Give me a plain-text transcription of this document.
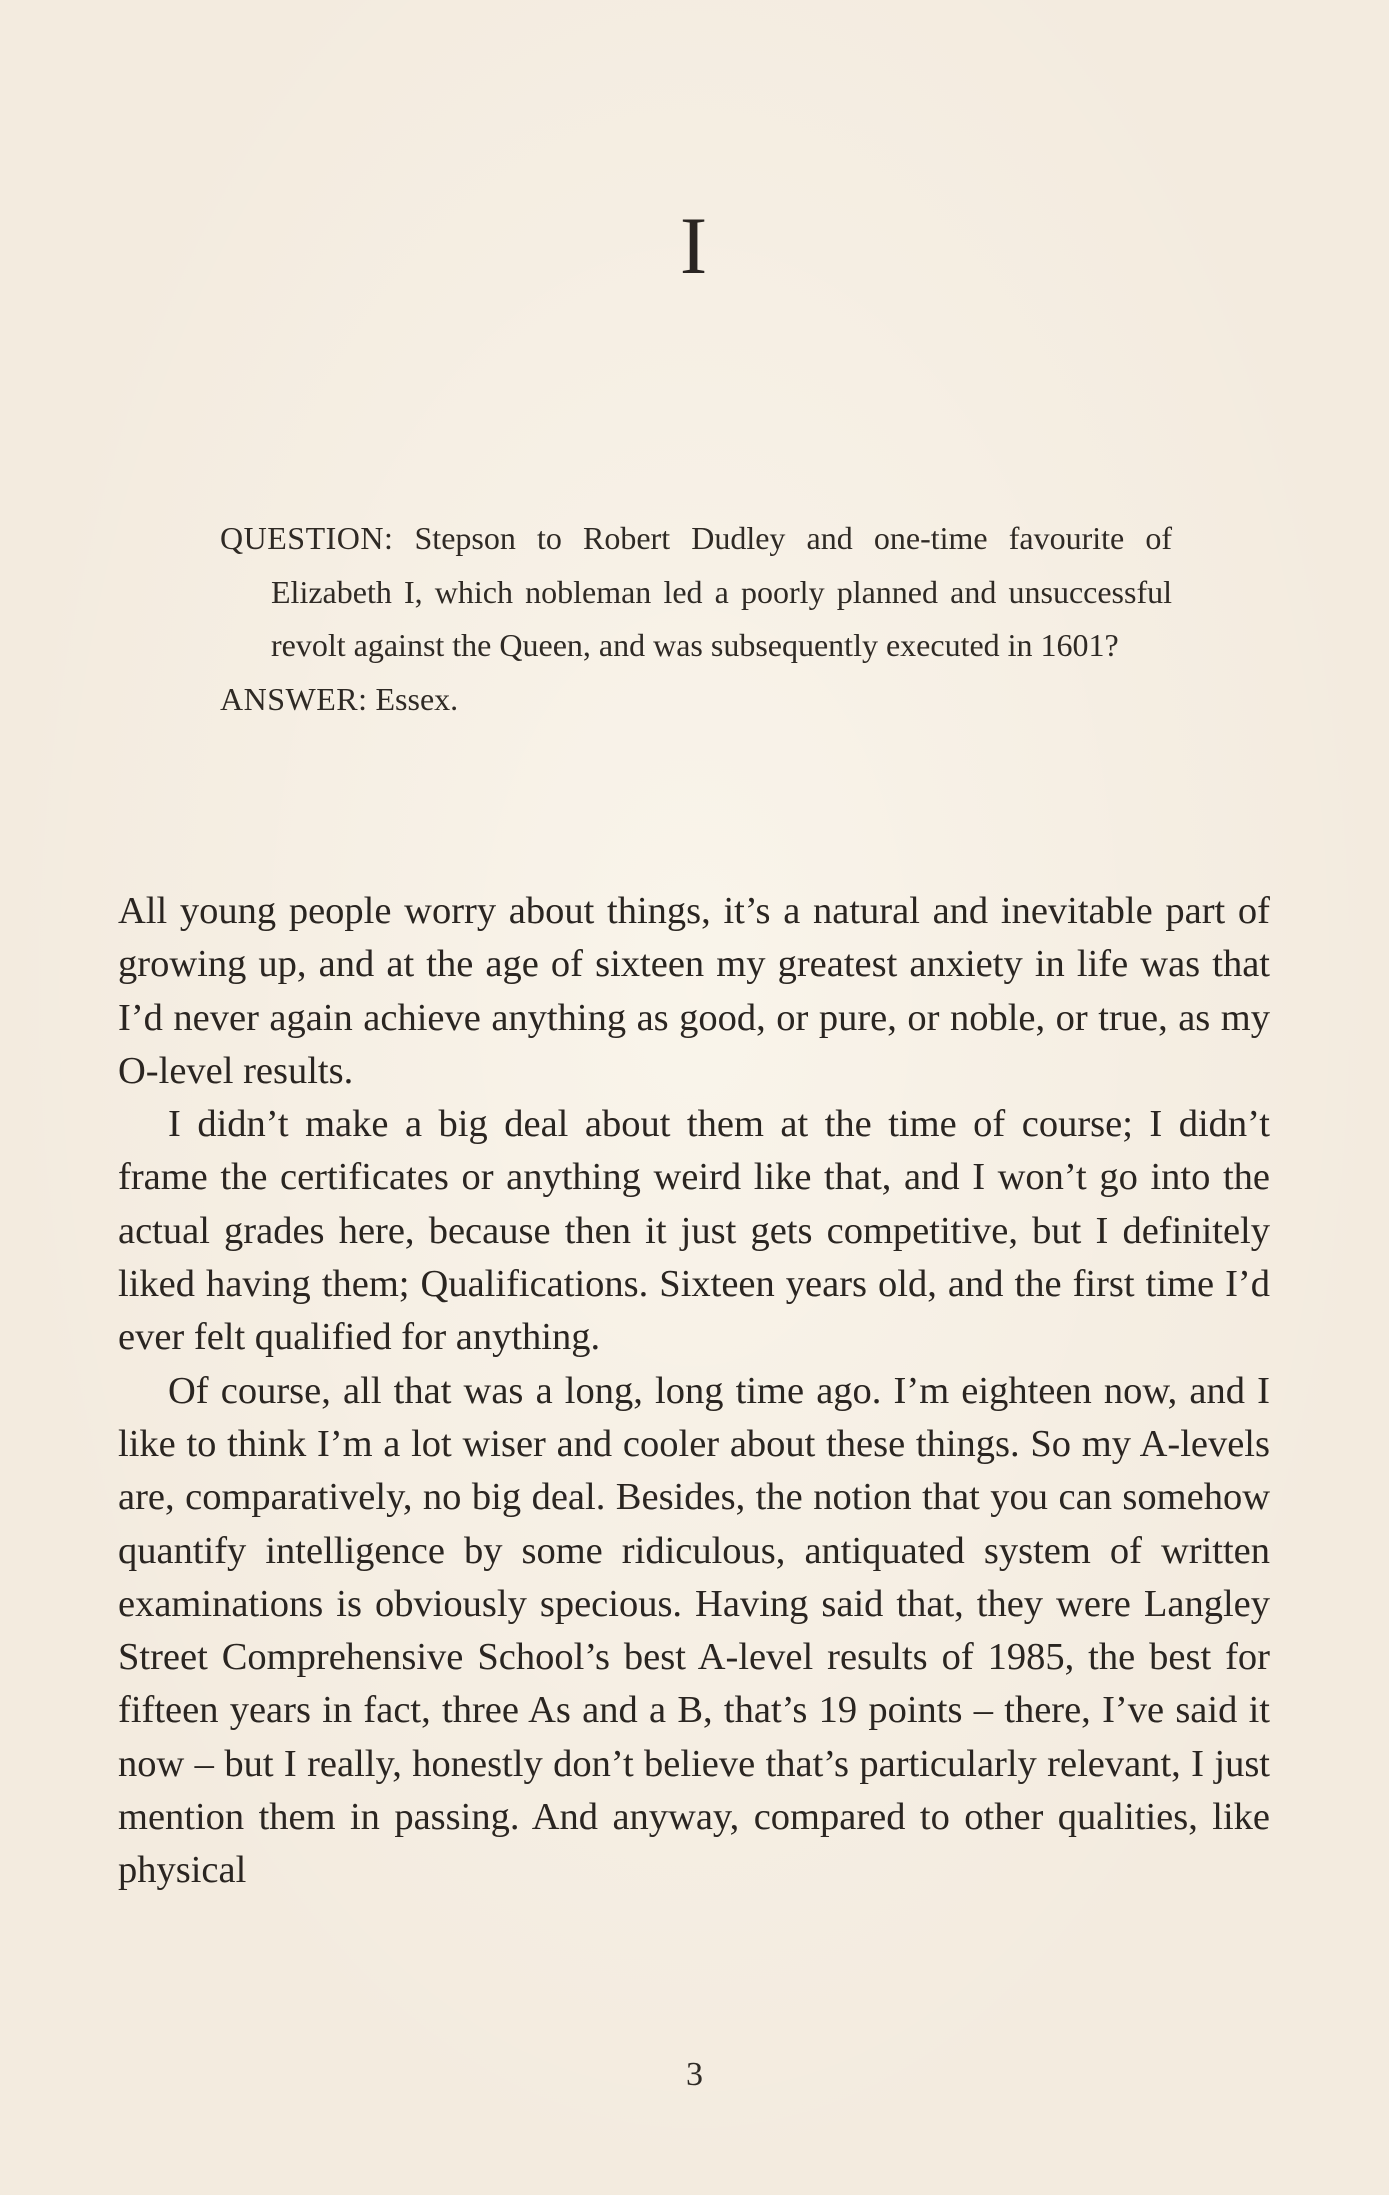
I

QUESTION: Stepson to Robert Dudley and one-time favourite of Elizabeth I, which nobleman led a poorly planned and unsuccessful revolt against the Queen, and was subsequently executed in 1601?

ANSWER: Essex.

All young people worry about things, it’s a natural and inevitable part of growing up, and at the age of sixteen my greatest anxiety in life was that I’d never again achieve anything as good, or pure, or noble, or true, as my O-level results.

I didn’t make a big deal about them at the time of course; I didn’t frame the certificates or anything weird like that, and I won’t go into the actual grades here, because then it just gets competitive, but I definitely liked having them; Qualifications. Sixteen years old, and the first time I’d ever felt qualified for anything.

Of course, all that was a long, long time ago. I’m eighteen now, and I like to think I’m a lot wiser and cooler about these things. So my A-levels are, comparatively, no big deal. Besides, the notion that you can somehow quantify intelligence by some ridiculous, antiquated system of written examinations is obviously specious. Having said that, they were Langley Street Comprehensive School’s best A-level results of 1985, the best for fifteen years in fact, three As and a B, that’s 19 points – there, I’ve said it now – but I really, honestly don’t believe that’s particularly relevant, I just mention them in passing. And anyway, compared to other qualities, like physical

3
